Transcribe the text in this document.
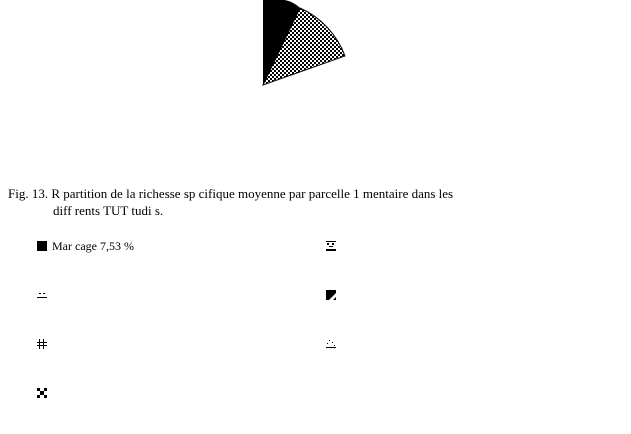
Fig. 13. R partition de la richesse sp cifique moyenne par parcelle 1 mentaire dans les
diff rents TUT tudi s.
Mar cage 7,53 %
